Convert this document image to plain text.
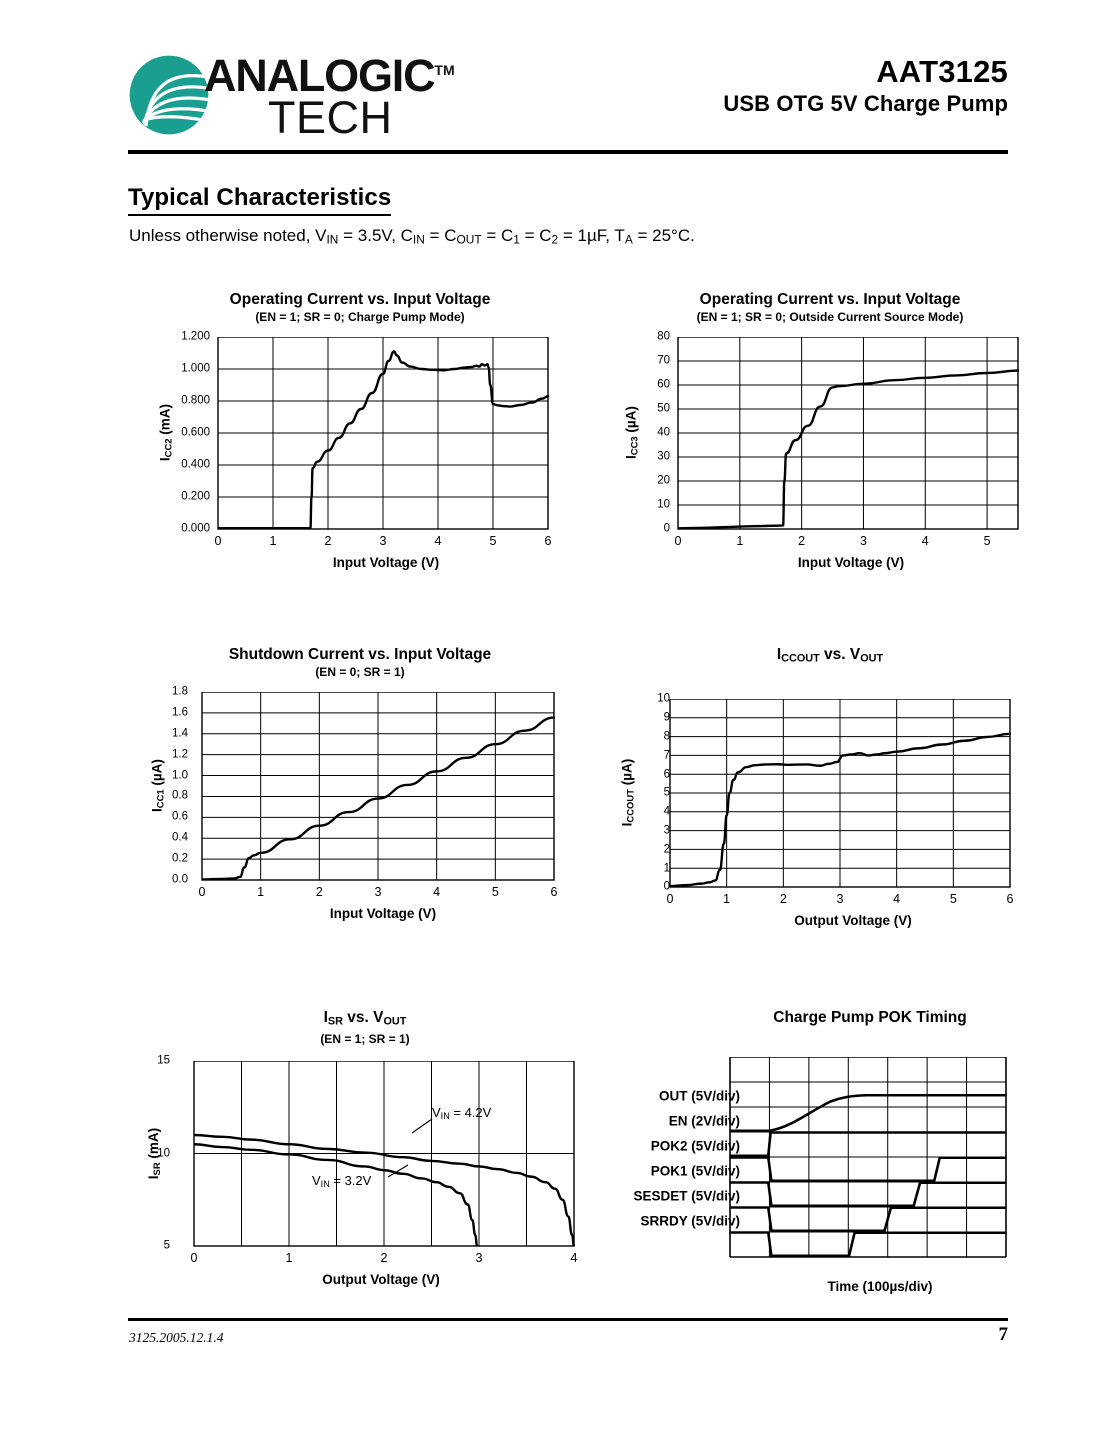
ANALOGIC™
TECH
AAT3125
USB OTG 5V Charge Pump
Typical Characteristics
Unless otherwise noted, $V_{IN} = 3.5V$, $C_{IN} = C_{OUT} = C_1 = C_2 = 1\mu F$, $T_A = 25^\circ C$.
Operating Current vs. Input Voltage
(EN = 1; SR = 0; Charge Pump Mode)
0.000
0.200
0.400
0.600
0.800
1.000
1.200
0	1	2	3	4	5	6
$I_{CC2}$ (mA)
Input Voltage (V)
Operating Current vs. Input Voltage
(EN = 1; SR = 0; Outside Current Source Mode)
0
10
20
30
40
50
60
70
80
0	1	2	3	4	5
$I_{CC3}$ (µA)
Input Voltage (V)
Shutdown Current vs. Input Voltage
(EN = 0; SR = 1)
0.0
0.2
0.4
0.6
0.8
1.0
1.2
1.4
1.6
1.8
0	1	2	3	4	5	6
$I_{CC1}$ (µA)
Input Voltage (V)
$I_{CCOUT}$ vs. $V_{OUT}$
0
1
2
3
4
5
6
7
8
9
10
0	1	2	3	4	5	6
$I_{CCOUT}$ (µA)
Output Voltage (V)
$I_{SR}$ vs. $V_{OUT}$
(EN = 1; SR = 1)
5
10
15
0	1	2	3	4
$I_{SR}$ (mA)
$V_{IN} = 4.2V$
$V_{IN} = 3.2V$
Output Voltage (V)
Charge Pump POK Timing
OUT (5V/div)
EN (2V/div)
POK2 (5V/div)
POK1 (5V/div)
SESDET (5V/div)
SRRDY (5V/div)
Time (100µs/div)
3125.2005.12.1.4	7
